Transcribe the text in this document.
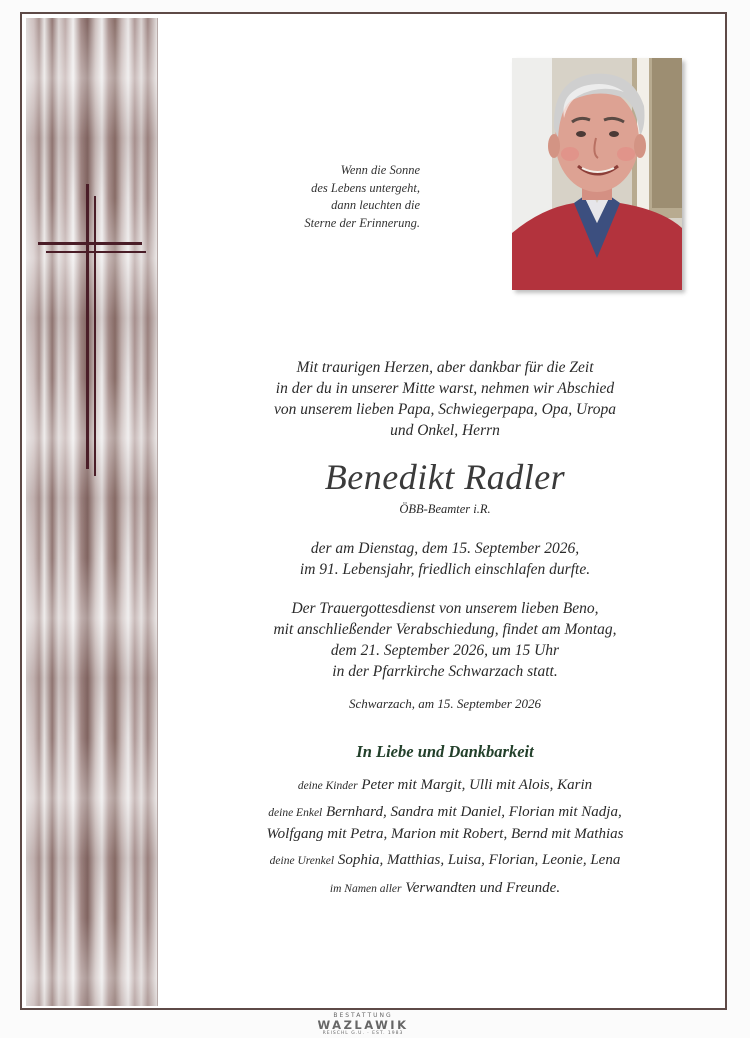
Wenn die Sonne
des Lebens untergeht,
dann leuchten die
Sterne der Erinnerung.
Mit traurigen Herzen, aber dankbar für die Zeit
in der du in unserer Mitte warst, nehmen wir Abschied
von unserem lieben Papa, Schwiegerpapa, Opa, Uropa
und Onkel, Herrn
Benedikt Radler
ÖBB-Beamter i.R.
der am Dienstag, dem 15. September 2026,
im 91. Lebensjahr, friedlich einschlafen durfte.
Der Trauergottesdienst von unserem lieben Beno,
mit anschließender Verabschiedung, findet am Montag,
dem 21. September 2026, um 15 Uhr
in der Pfarrkirche Schwarzach statt.
Schwarzach, am 15. September 2026
In Liebe und Dankbarkeit
deine Kinder Peter mit Margit, Ulli mit Alois, Karin
deine Enkel Bernhard, Sandra mit Daniel, Florian mit Nadja,
Wolfgang mit Petra, Marion mit Robert, Bernd mit Mathias
deine Urenkel Sophia, Matthias, Luisa, Florian, Leonie, Lena
im Namen aller Verwandten und Freunde.
BESTATTUNG
WAZLAWIK
REISCHL G.U. · EST. 1983
